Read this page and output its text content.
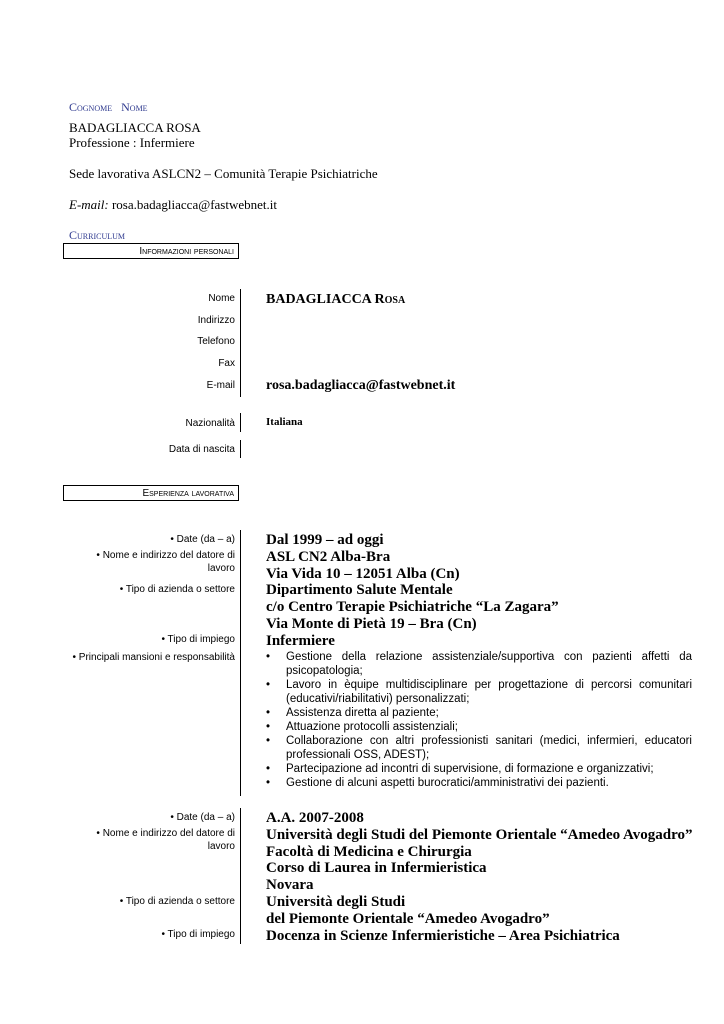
Cognome Nome
BADAGLIACCA ROSA
Professione : Infermiere
Sede lavorativa ASLCN2 – Comunità Terapie Psichiatriche
E-mail: rosa.badagliacca@fastwebnet.it
Curriculum
Informazioni personali
Nome
Indirizzo
Telefono
Fax
E-mail
BADAGLIACCA Rosa
rosa.badagliacca@fastwebnet.it
Nazionalità	Italiana
Data di nascita
Esperienza lavorativa
• Date (da – a)
• Nome e indirizzo del datore di lavoro
• Tipo di azienda o settore
• Tipo di impiego
• Principali mansioni e responsabilità
Dal 1999 – ad oggi
ASL CN2 Alba-Bra
Via Vida 10 – 12051 Alba (Cn)
Dipartimento Salute Mentale
c/o Centro Terapie Psichiatriche “La Zagara”
Via Monte di Pietà 19 – Bra (Cn)
Infermiere
• Gestione della relazione assistenziale/supportiva con pazienti affetti da psicopatologia;
• Lavoro in èquipe multidisciplinare per progettazione di percorsi comunitari (educativi/riabilitativi) personalizzati;
• Assistenza diretta al paziente;
• Attuazione protocolli assistenziali;
• Collaborazione con altri professionisti sanitari (medici, infermieri, educatori professionali OSS, ADEST);
• Partecipazione ad incontri di supervisione, di formazione e organizzativi;
• Gestione di alcuni aspetti burocratici/amministrativi dei pazienti.
• Date (da – a)
• Nome e indirizzo del datore di lavoro
• Tipo di azienda o settore
• Tipo di impiego
A.A. 2007-2008
Università degli Studi del Piemonte Orientale “Amedeo Avogadro”
Facoltà di Medicina e Chirurgia
Corso di Laurea in Infermieristica
Novara
Università degli Studi
del Piemonte Orientale “Amedeo Avogadro”
Docenza in Scienze Infermieristiche – Area Psichiatrica
